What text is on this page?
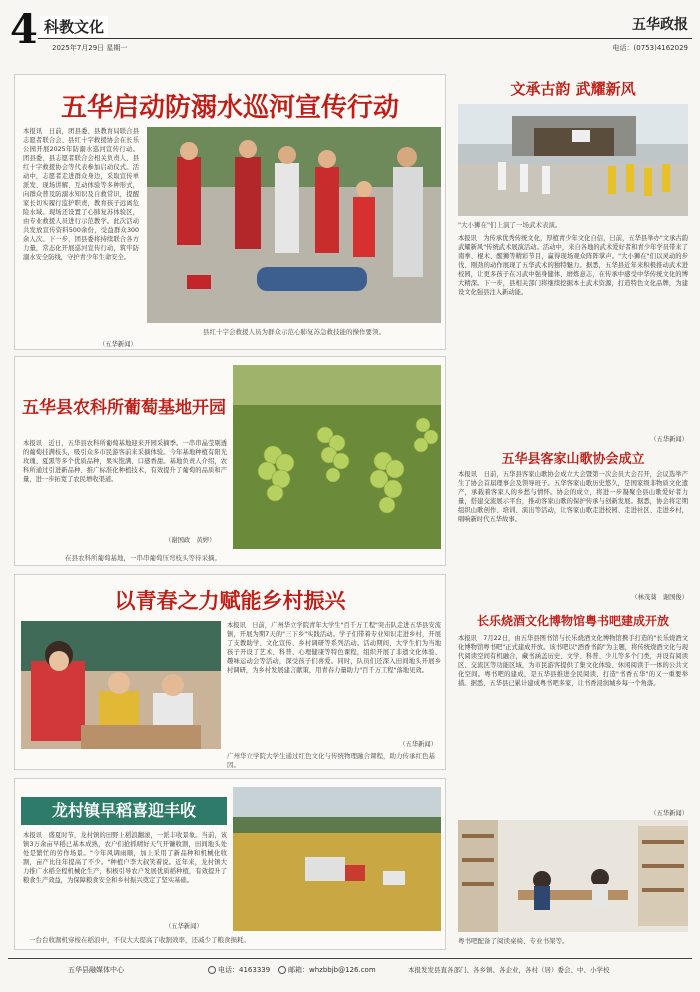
4 科教文化	五华政报
2025年7月29日 星期一	电话：(0753)4162029
五华启动防溺水巡河宣传行动
本报讯　日前，团县委、县教育局联合县志愿者联合会、县红十字救援协会在长乐公园开展2025年防溺水巡河宣传行动。团县委、县志愿者联合会相关负责人、县红十字救援协会等代表参加启动仪式。活动中，志愿者走进群众身边，采取宣传单派发、现场讲解、互动体验等多种形式，向群众普及防溺水知识及自救常识，提醒家长切实履行监护职责，教育孩子远离危险水域。现场还设置了心肺复苏体验区，由专业救援人员进行示范教学。此次活动共发放宣传资料500余份，受益群众300余人次。下一步，团县委将持续联合各方力量，常态化开展巡河宣传行动，筑牢防溺水安全防线，守护青少年生命安全。
县红十字会救援人员为群众示范心肺复苏急救技能的操作要领。
（五华新闻）
文承古韵 武耀新风
"大小狮在"们上演了一场武术表演。
本报讯　为传承优秀传统文化，厚植青少年文化自信，日前，五华县举办"文承古韵 武耀新风"传统武术展演活动。活动中，来自各地的武术爱好者和青少年学员带来了南拳、棍术、醒狮等精彩节目，赢得现场观众阵阵掌声。"大小狮在"们以灵动的步伐、刚劲的动作展现了五华武术的独特魅力。据悉，五华县近年来积极推动武术进校园，让更多孩子在习武中强身健体、磨炼意志，在传承中感受中华传统文化的博大精深。下一步，县相关部门将继续挖掘本土武术资源，打造特色文化品牌，为建设文化强县注入新动能。
（五华新闻）
五华县农科所葡萄基地开园
本报讯　近日，五华县农科所葡萄基地迎来开园采摘季。一串串晶莹剔透的葡萄挂满枝头，吸引众多市民游客前来采摘体验。今年基地种植有阳光玫瑰、夏黑等多个优质品种，果实饱满、口感香甜。基地负责人介绍，农科所通过引进新品种、推广标准化种植技术，有效提升了葡萄的品质和产量，进一步拓宽了农民增收渠道。
（谢国政　黄婷）
在县农科所葡萄基地，一串串葡萄压弯枝头等待采摘。
以青春之力赋能乡村振兴
本报讯　日前，广州华立学院青年大学生"百千万工程"突击队走进五华县安流镇，开展为期7天的"三下乡"实践活动。学子们带着专业知识走进乡村，开展了支教助学、文化宣传、乡村调研等系列活动。活动期间，大学生们为当地孩子开设了艺术、科普、心理健康等特色课程，组织开展了非遗文化体验、趣味运动会等活动，深受孩子们喜爱。同时，队员们还深入田间地头开展乡村调研，为乡村发展建言献策，用青春力量助力"百千万工程"落地见效。
广州华立学院大学生通过红色文化与传统物理融合课程，助力传承红色基因。
（五华新闻）
五华县客家山歌协会成立
本报讯　日前，五华县客家山歌协会成立大会暨第一次会员大会召开，会议选举产生了协会首届理事会及领导班子。五华客家山歌历史悠久，是国家级非物质文化遗产，承载着客家人的乡愁与情怀。协会的成立，将进一步凝聚全县山歌爱好者力量，搭建交流展示平台，推动客家山歌的保护传承与创新发展。据悉，协会将定期组织山歌创作、培训、演出等活动，让客家山歌走进校园、走进社区、走进乡村，唱响新时代五华故事。
（林茂葵　谢国俊）
龙村镇早稻喜迎丰收
本报讯　盛夏时节，龙村镇的田野上稻浪翻滚，一派丰收景象。当前，该镇3万余亩早稻已基本成熟，农户们抢抓晴好天气开镰收割，田间地头处处是繁忙的劳作场景。"今年风调雨顺，加上采用了新品种和机械化收割，亩产比往年提高了不少。"种植户李大叔笑着说。近年来，龙村镇大力推广水稻全程机械化生产，积极引导农户发展优质稻种植，有效提升了粮食生产效益，为保障粮食安全和乡村振兴奠定了坚实基础。
一台台收割机穿梭在稻浪中，不仅大大提高了收割效率，还减少了粮食损耗。
（五华新闻）
长乐烧酒文化博物馆粤书吧建成开放
本报讯　7月22日，由五华县图书馆与长乐烧酒文化博物馆携手打造的"长乐烧酒文化博物馆粤书吧"正式建成开放。该书吧以"酒香书韵"为主题，将传统烧酒文化与现代阅读空间有机融合，藏书涵盖历史、文学、科普、少儿等多个门类，并设有阅读区、交流区等功能区域，为市民游客提供了集文化体验、休闲阅读于一体的公共文化空间。粤书吧的建成，是五华县推进全民阅读、打造"书香五华"的又一重要举措。据悉，五华县已累计建成粤书吧多家，让书香浸润城乡每一个角落。
（五华新闻）
粤书吧配备了阅读桌椅、专业书架等。
五华县融媒体中心	电话：4163339	邮箱：whzbbjb@126.com	本报发发县直各部门、各乡镇、各企业，各村（居）委会、中、小学校
